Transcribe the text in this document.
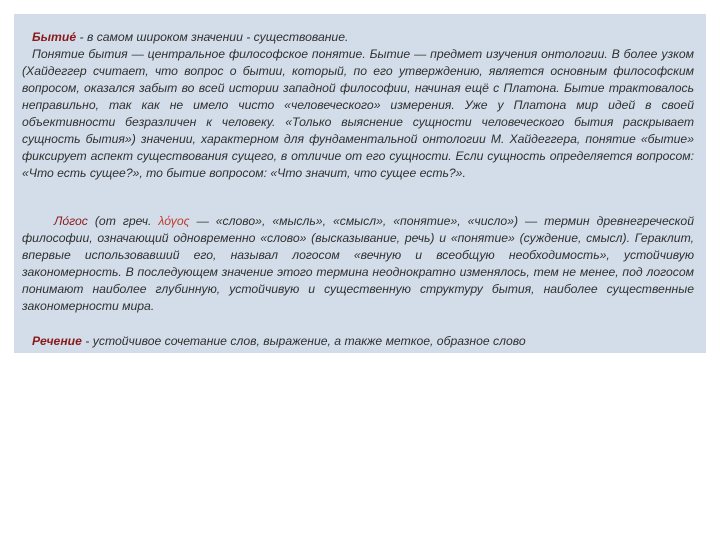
Бытие́ - в самом широком значении - существование.
Понятие бытия — центральное философское понятие. Бытие — предмет изучения онтологии. В более узком (Хайдеггер считает, что вопрос о бытии, который, по его утверждению, является основным философским вопросом, оказался забыт во всей истории западной философии, начиная ещё с Платона. Бытие трактовалось неправильно, так как не имело чисто «человеческого» измерения. Уже у Платона мир идей в своей объективности безразличен к человеку. «Только выяснение сущности человеческого бытия раскрывает сущность бытия») значении, характерном для фундаментальной онтологии М. Хайдеггера, понятие «бытие» фиксирует аспект существования сущего, в отличие от его сущности. Если сущность определяется вопросом: «Что есть сущее?», то бытие вопросом: «Что значит, что сущее есть?».

Ло́гос (от греч. λόγος — «слово», «мысль», «смысл», «понятие», «число») — термин древнегреческой философии, означающий одновременно «слово» (высказывание, речь) и «понятие» (суждение, смысл). Гераклит, впервые использовавший его, называл логосом «вечную и всеобщую необходимость», устойчивую закономерность. В последующем значение этого термина неоднократно изменялось, тем не менее, под логосом понимают наиболее глубинную, устойчивую и существенную структуру бытия, наиболее существенные закономерности мира.

Речение - устойчивое сочетание слов, выражение, а также меткое, образное слово
